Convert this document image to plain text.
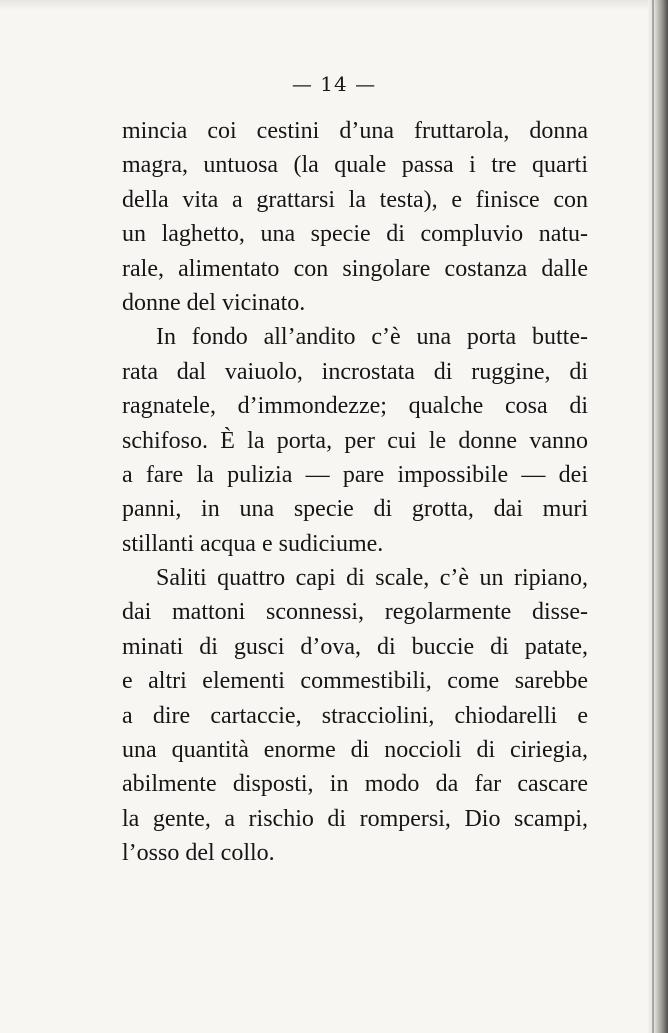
— 14 —
mincia coi cestini d’una fruttarola, donna
magra, untuosa (la quale passa i tre quarti
della vita a grattarsi la testa), e finisce con
un laghetto, una specie di compluvio natu-
rale, alimentato con singolare costanza dalle
donne del vicinato.
In fondo all’andito c’è una porta butte-
rata dal vaiuolo, incrostata di ruggine, di
ragnatele, d’immondezze; qualche cosa di
schifoso. È la porta, per cui le donne vanno
a fare la pulizia — pare impossibile — dei
panni, in una specie di grotta, dai muri
stillanti acqua e sudiciume.
Saliti quattro capi di scale, c’è un ripiano,
dai mattoni sconnessi, regolarmente disse-
minati di gusci d’ova, di buccie di patate,
e altri elementi commestibili, come sarebbe
a dire cartaccie, stracciolini, chiodarelli e
una quantità enorme di noccioli di ciriegia,
abilmente disposti, in modo da far cascare
la gente, a rischio di rompersi, Dio scampi,
l’osso del collo.
